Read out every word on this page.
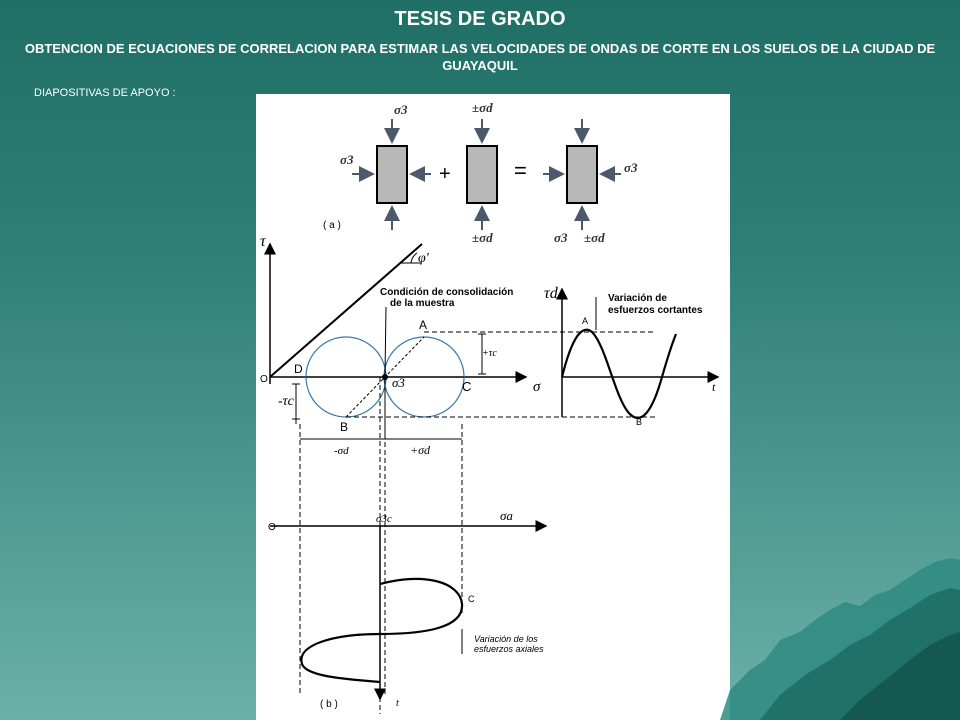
TESIS DE GRADO
OBTENCION DE ECUACIONES DE CORRELACION PARA ESTIMAR LAS VELOCIDADES DE ONDAS DE CORTE EN LOS SUELOS DE LA CIUDAD DE GUAYAQUIL
DIAPOSITIVAS DE APOYO :
σ3
σ3
+
±σd
±σd
=	σ3
σ3 ±σd
( a )
τ
φ'
Condición de consolidación
de la muestra
A
D
O	σ3	C	σ
B
+τc
-τc
-σd	+σd
τd	Variación de
esfuerzos cortantes
A
B
t
O
σ3c	σa
C
Variación de los
esfuerzos axiales
( b )	t
